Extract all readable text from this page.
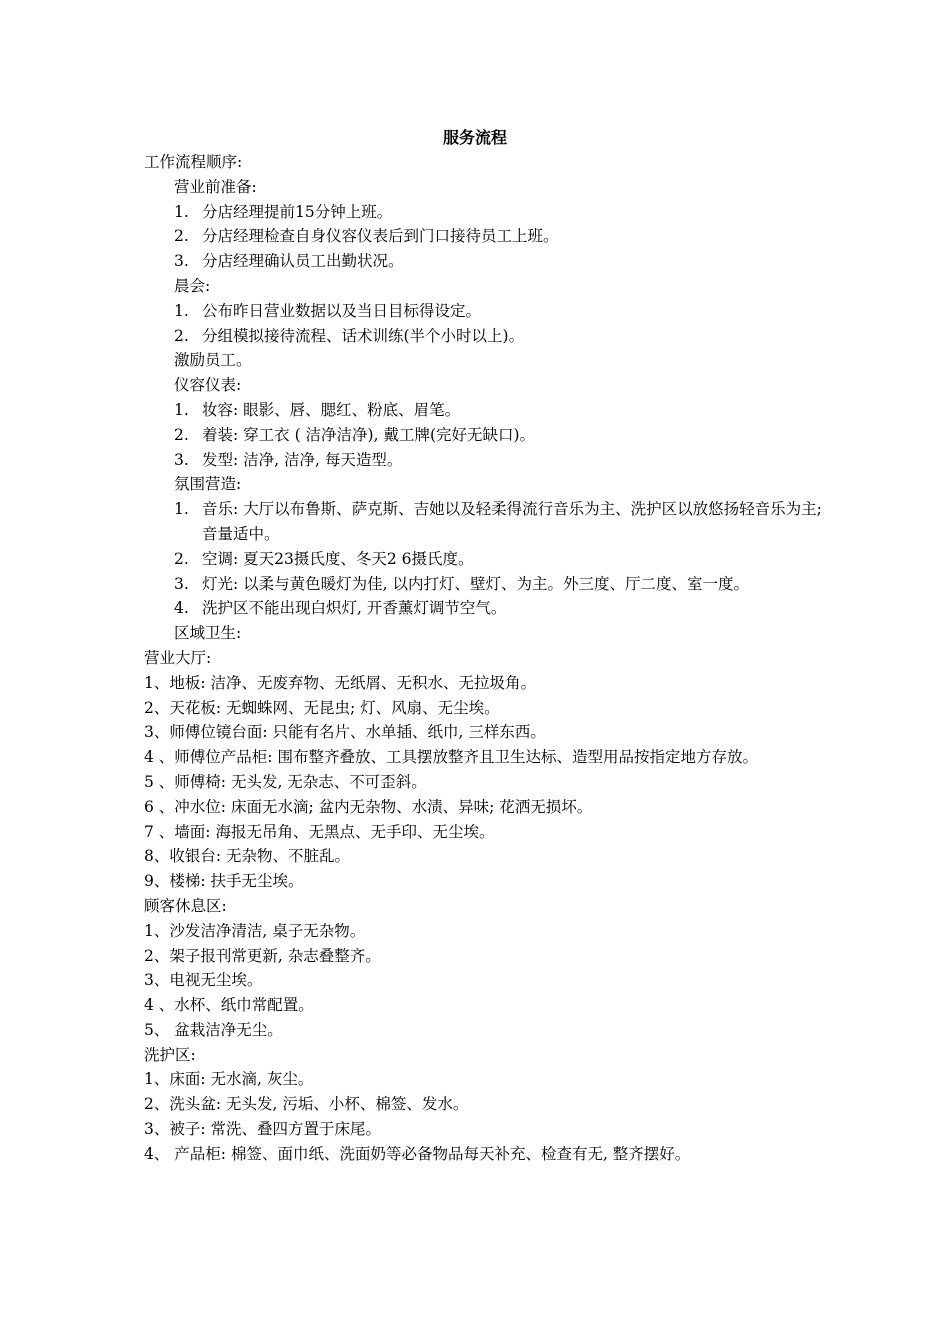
服务流程
工作流程顺序:
营业前准备:
1. 分店经理提前15分钟上班。
2. 分店经理检查自身仪容仪表后到门口接待员工上班。
3. 分店经理确认员工出勤状况。
晨会:
1. 公布昨日营业数据以及当日目标得设定。
2. 分组模拟接待流程、话术训练(半个小时以上)。
激励员工。
仪容仪表:
1. 妆容: 眼影、唇、腮红、粉底、眉笔。
2. 着装: 穿工衣 ( 洁净洁净), 戴工牌(完好无缺口)。
3. 发型: 洁净, 洁净, 每天造型。
氛围营造:
1. 音乐: 大厅以布鲁斯、萨克斯、吉她以及轻柔得流行音乐为主、洗护区以放悠扬轻音乐为主; 音量适中。
2. 空调: 夏天23摄氏度、冬天2 6摄氏度。
3. 灯光: 以柔与黄色暖灯为佳, 以内打灯、壁灯、为主。外三度、厅二度、室一度。
4. 洗护区不能出现白炽灯, 开香薰灯调节空气。
区域卫生:
营业大厅:
1、地板: 洁净、无废弃物、无纸屑、无积水、无拉圾角。
2、天花板: 无蜘蛛网、无昆虫; 灯、风扇、无尘埃。
3、师傅位镜台面: 只能有名片、水单插、纸巾, 三样东西。
4 、师傅位产品柜: 围布整齐叠放、工具摆放整齐且卫生达标、造型用品按指定地方存放。
5 、师傅椅: 无头发, 无杂志、不可歪斜。
6 、冲水位: 床面无水滴; 盆内无杂物、水渍、异味; 花洒无损坏。
7 、墙面: 海报无吊角、无黑点、无手印、无尘埃。
8、收银台: 无杂物、不脏乱。
9、楼梯: 扶手无尘埃。
顾客休息区:
1、沙发洁净清洁, 桌子无杂物。
2、架子报刊常更新, 杂志叠整齐。
3、电视无尘埃。
4 、水杯、纸巾常配置。
5、 盆栽洁净无尘。
洗护区:
1、床面: 无水滴, 灰尘。
2、洗头盆: 无头发, 污垢、小杯、棉签、发水。
3、被子: 常洗、叠四方置于床尾。
4、 产品柜: 棉签、面巾纸、洗面奶等必备物品每天补充、检查有无, 整齐摆好。
